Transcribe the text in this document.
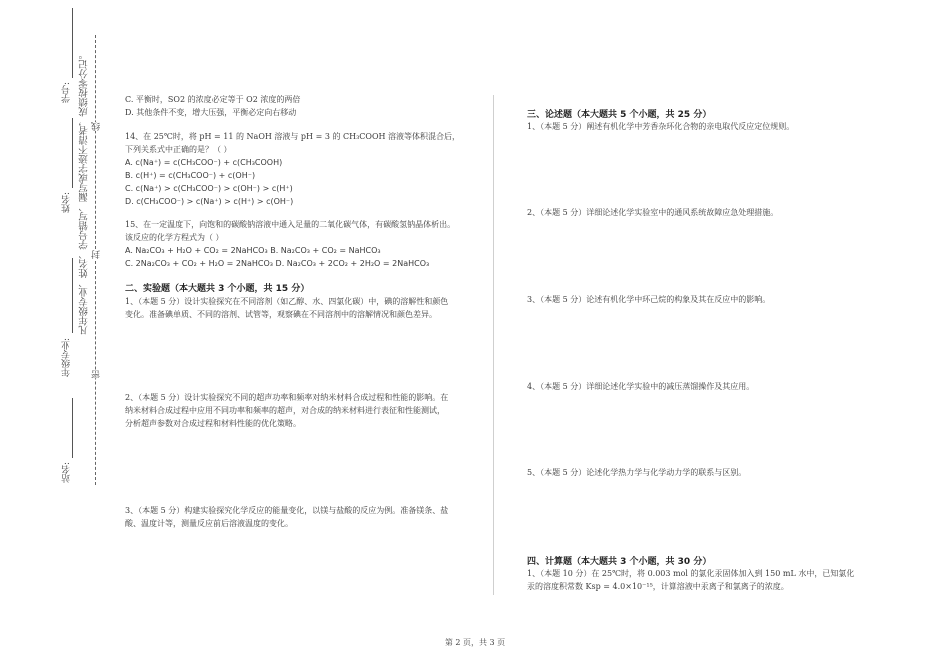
学号:
姓名:
年级专业:
站名:
凡年级专业、姓名、学号错写、漏写或字迹不清者，成绩按零分记。 线
封
密
C. 平衡时，SO2 的浓度必定等于 O2 浓度的两倍
D. 其他条件不变，增大压强，平衡必定向右移动
14、在 25℃时，将 pH = 11 的 NaOH 溶液与 pH = 3 的 CH₃COOH 溶液等体积混合后，
下列关系式中正确的是？（ ）
A. c(Na⁺) = c(CH₃COO⁻) + c(CH₃COOH)
B. c(H⁺) = c(CH₃COO⁻) + c(OH⁻)
C. c(Na⁺) > c(CH₃COO⁻) > c(OH⁻) > c(H⁺)
D. c(CH₃COO⁻) > c(Na⁺) > c(H⁺) > c(OH⁻)
15、在一定温度下，向饱和的碳酸钠溶液中通入足量的二氧化碳气体，有碳酸氢钠晶体析出。
该反应的化学方程式为（ ）
A. Na₂CO₃ + H₂O + CO₂ = 2NaHCO₃ B. Na₂CO₃ + CO₂ = NaHCO₃
C. 2Na₂CO₃ + CO₂ + H₂O = 2NaHCO₃ D. Na₂CO₃ + 2CO₂ + 2H₂O = 2NaHCO₃
二、实验题（本大题共 3 个小题，共 15 分）
1、（本题 5 分）设计实验探究在不同溶剂（如乙醇、水、四氯化碳）中，碘的溶解性和颜色
变化。准备碘单质、不同的溶剂、试管等，观察碘在不同溶剂中的溶解情况和颜色差异。
2、（本题 5 分）设计实验探究不同的超声功率和频率对纳米材料合成过程和性能的影响。在
纳米材料合成过程中应用不同功率和频率的超声，对合成的纳米材料进行表征和性能测试，
分析超声参数对合成过程和材料性能的优化策略。
3、（本题 5 分）构建实验探究化学反应的能量变化，以镁与盐酸的反应为例。准备镁条、盐
酸、温度计等，测量反应前后溶液温度的变化。
三、论述题（本大题共 5 个小题，共 25 分）
1、（本题 5 分）阐述有机化学中芳香杂环化合物的亲电取代反应定位规则。
2、（本题 5 分）详细论述化学实验室中的通风系统故障应急处理措施。
3、（本题 5 分）论述有机化学中环己烷的构象及其在反应中的影响。
4、（本题 5 分）详细论述化学实验中的减压蒸馏操作及其应用。
5、（本题 5 分）论述化学热力学与化学动力学的联系与区别。
四、计算题（本大题共 3 个小题，共 30 分）
1、（本题 10 分）在 25℃时，将 0.003 mol 的氯化汞固体加入到 150 mL 水中，已知氯化
汞的溶度积常数 Ksp = 4.0×10⁻¹⁵，计算溶液中汞离子和氯离子的浓度。
第 2 页，共 3 页
